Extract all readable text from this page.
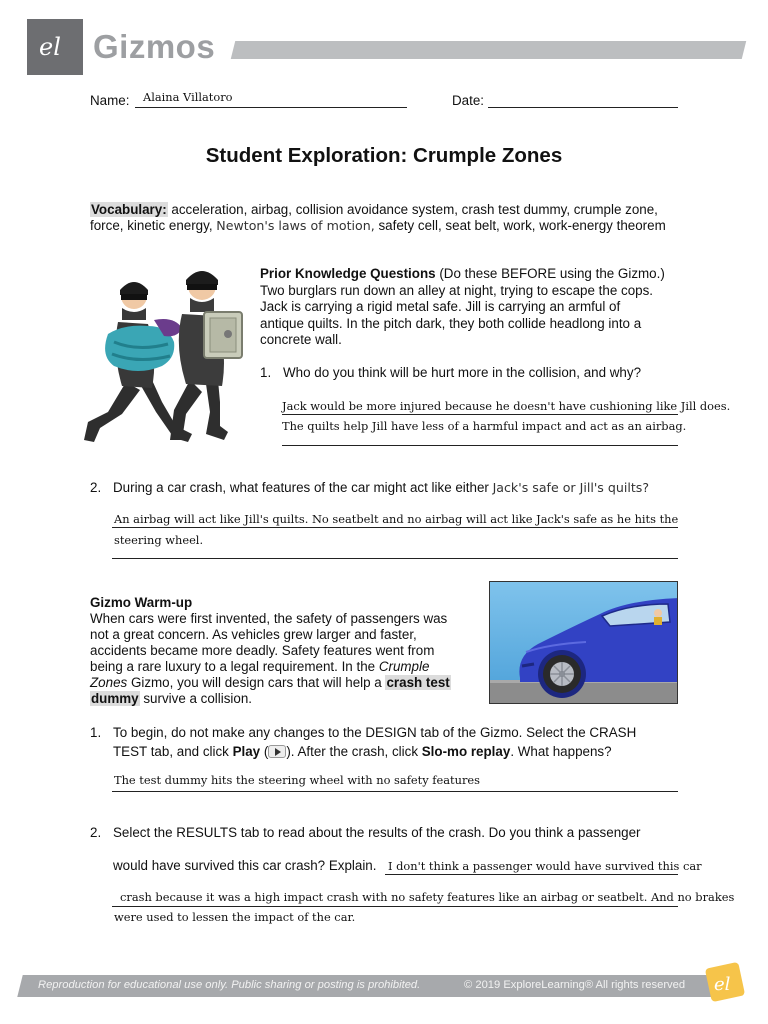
el Gizmos
Name: Alaina Villatoro	Date:
Student Exploration: Crumple Zones
Vocabulary: acceleration, airbag, collision avoidance system, crash test dummy, crumple zone,
force, kinetic energy, Newton's laws of motion, safety cell, seat belt, work, work-energy theorem
Prior Knowledge Questions (Do these BEFORE using the Gizmo.)
Two burglars run down an alley at night, trying to escape the cops.
Jack is carrying a rigid metal safe. Jill is carrying an armful of
antique quilts. In the pitch dark, they both collide headlong into a
concrete wall.
1. Who do you think will be hurt more in the collision, and why?
Jack would be more injured because he doesn't have cushioning like Jill does.
The quilts help Jill have less of a harmful impact and act as an airbag.
2. During a car crash, what features of the car might act like either Jack's safe or Jill's quilts?
An airbag will act like Jill's quilts. No seatbelt and no airbag will act like Jack's safe as he hits the
steering wheel.
Gizmo Warm-up
When cars were first invented, the safety of passengers was
not a great concern. As vehicles grew larger and faster,
accidents became more deadly. Safety features went from
being a rare luxury to a legal requirement. In the Crumple
Zones Gizmo, you will design cars that will help a crash test
dummy survive a collision.
1. To begin, do not make any changes to the DESIGN tab of the Gizmo. Select the CRASH
TEST tab, and click Play ( ). After the crash, click Slo-mo replay. What happens?
The test dummy hits the steering wheel with no safety features
2. Select the RESULTS tab to read about the results of the crash. Do you think a passenger
would have survived this car crash? Explain. I don't think a passenger would have survived this car
crash because it was a high impact crash with no safety features like an airbag or seatbelt. And no brakes
were used to lessen the impact of the car.
Reproduction for educational use only. Public sharing or posting is prohibited.	© 2019 ExploreLearning® All rights reserved el
